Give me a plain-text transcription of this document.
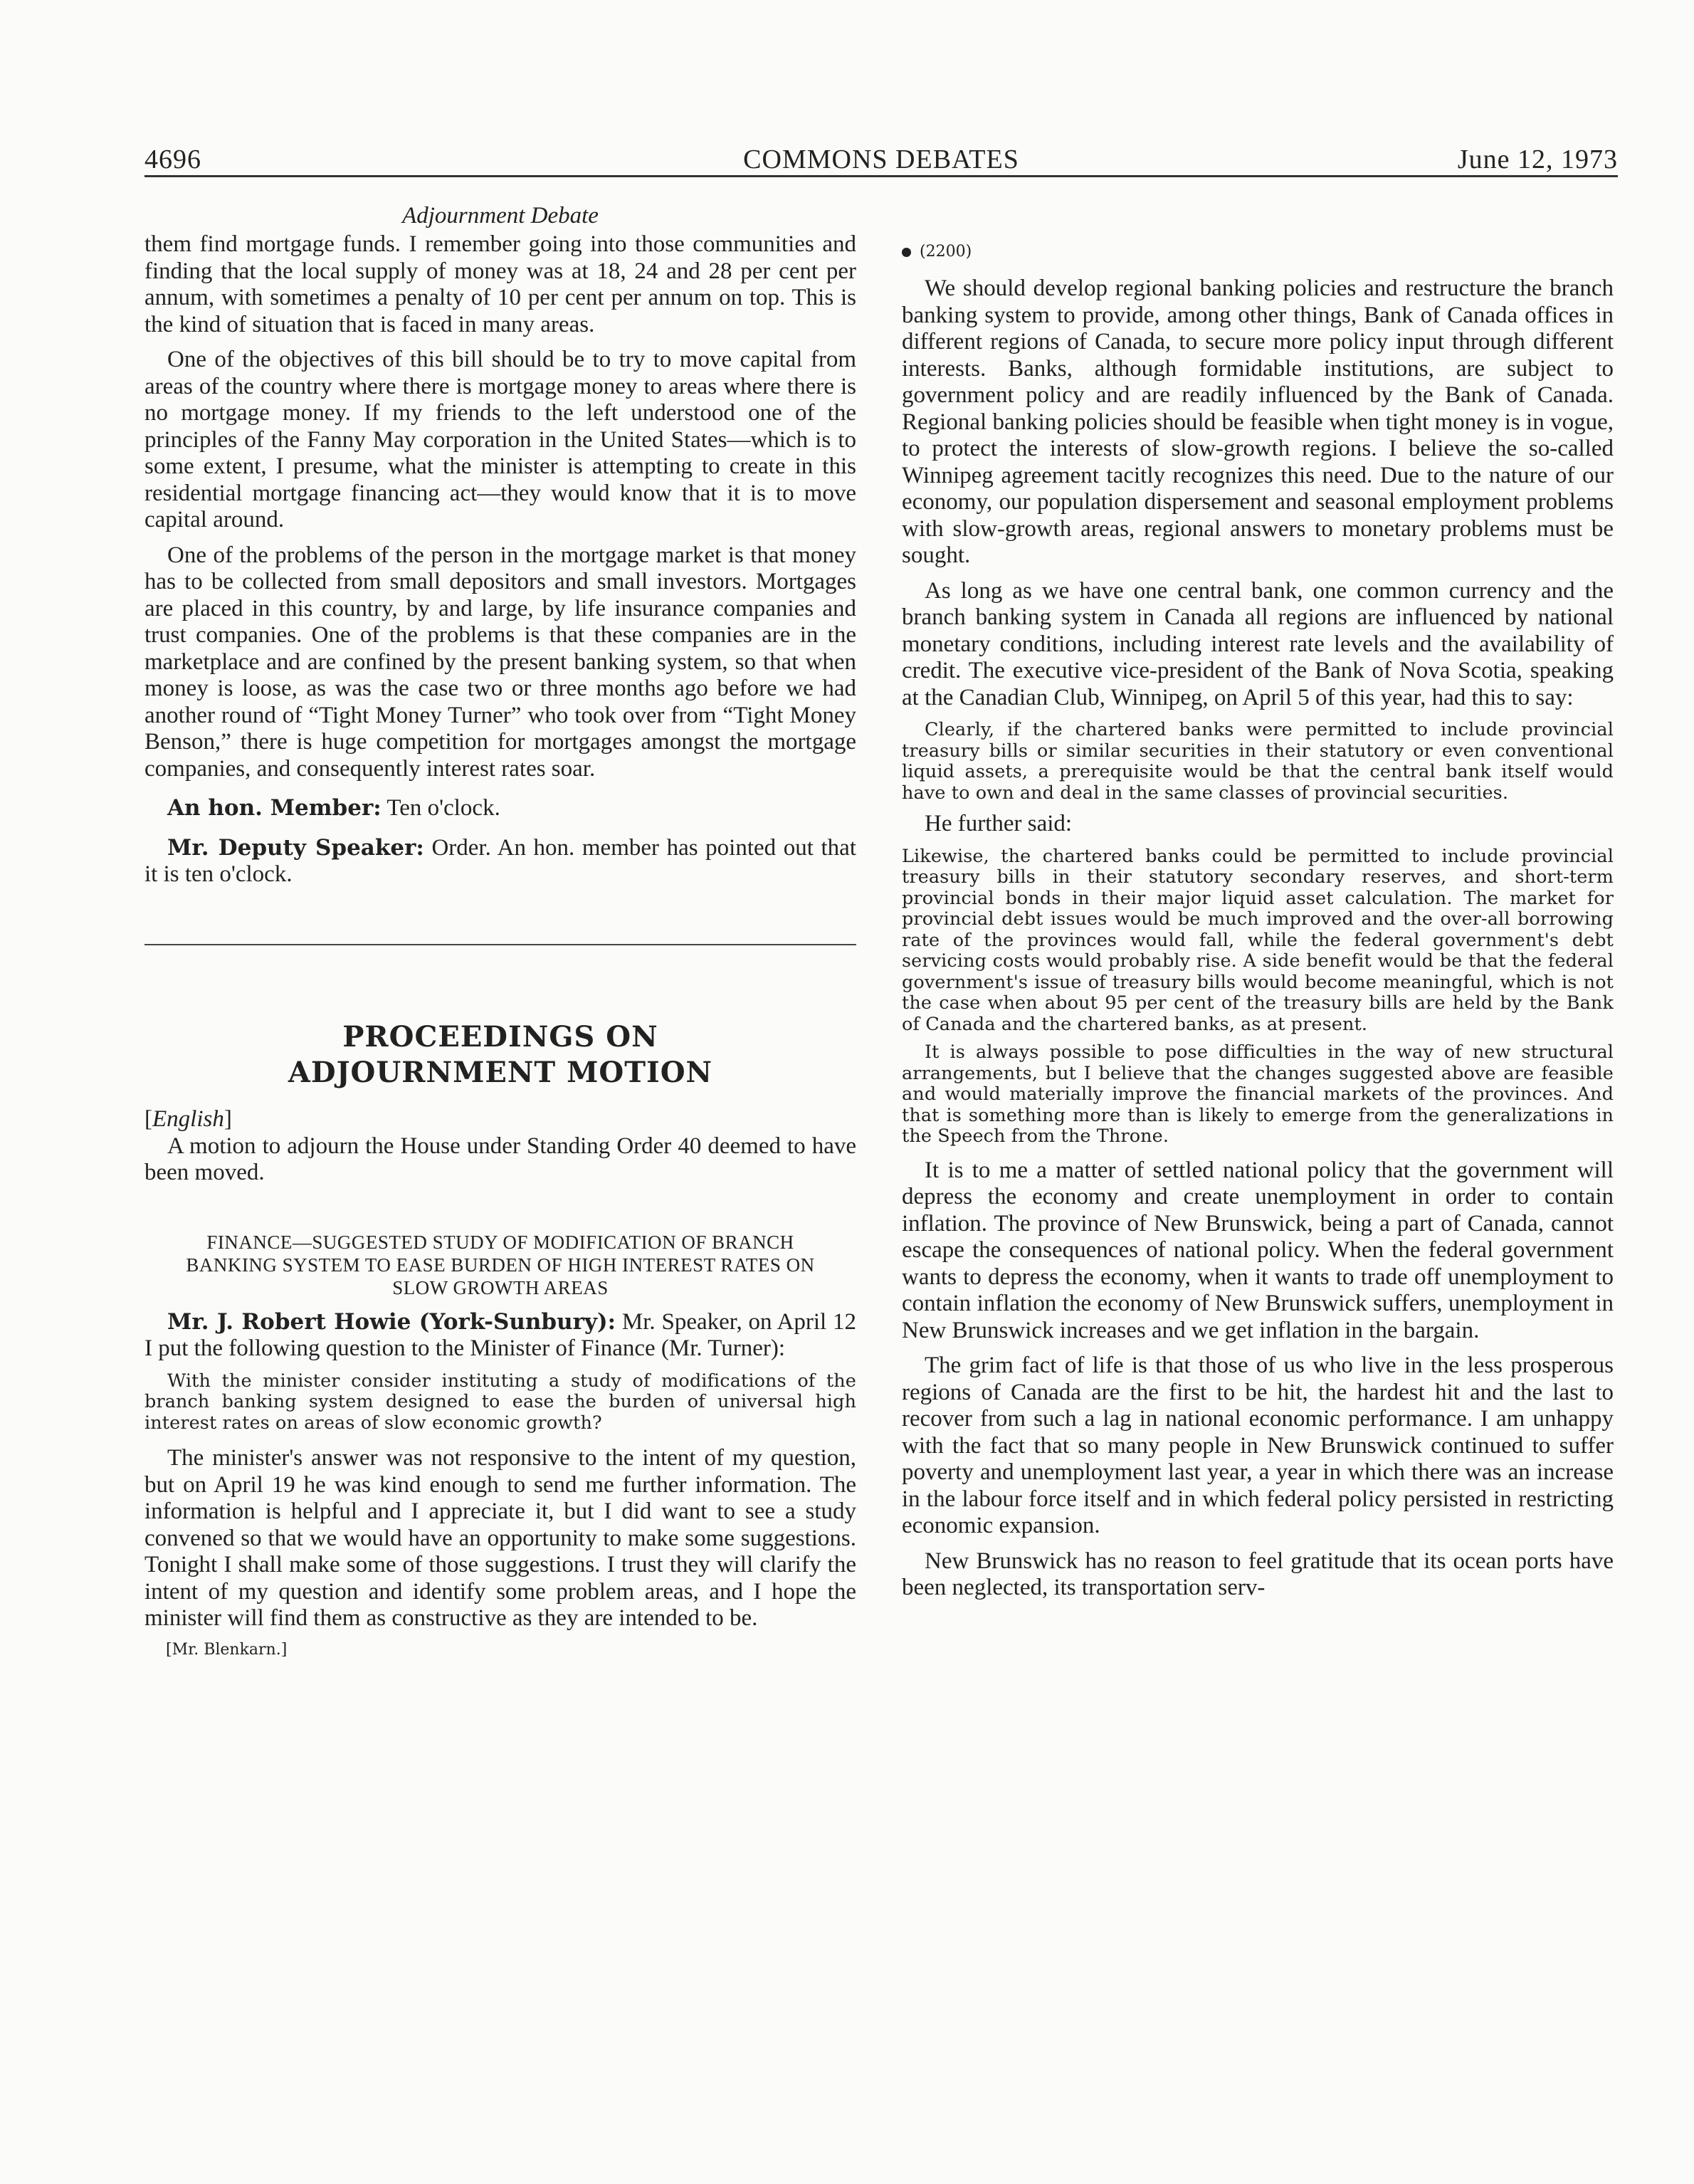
4696	COMMONS DEBATES	June 12, 1973

Adjournment Debate

them find mortgage funds. I remember going into those communities and finding that the local supply of money was at 18, 24 and 28 per cent per annum, with sometimes a penalty of 10 per cent per annum on top. This is the kind of situation that is faced in many areas.

One of the objectives of this bill should be to try to move capital from areas of the country where there is mortgage money to areas where there is no mortgage money. If my friends to the left understood one of the principles of the Fanny May corporation in the United States—which is to some extent, I presume, what the minister is attempting to create in this residential mortgage financing act—they would know that it is to move capital around.

One of the problems of the person in the mortgage market is that money has to be collected from small depositors and small investors. Mortgages are placed in this country, by and large, by life insurance companies and trust companies. One of the problems is that these companies are in the marketplace and are confined by the present banking system, so that when money is loose, as was the case two or three months ago before we had another round of “Tight Money Turner” who took over from “Tight Money Benson,” there is huge competition for mortgages amongst the mortgage companies, and consequently interest rates soar.

An hon. Member: Ten o'clock.

Mr. Deputy Speaker: Order. An hon. member has pointed out that it is ten o'clock.

PROCEEDINGS ON ADJOURNMENT MOTION

[English]

A motion to adjourn the House under Standing Order 40 deemed to have been moved.

FINANCE—SUGGESTED STUDY OF MODIFICATION OF BRANCH BANKING SYSTEM TO EASE BURDEN OF HIGH INTEREST RATES ON SLOW GROWTH AREAS

Mr. J. Robert Howie (York-Sunbury): Mr. Speaker, on April 12 I put the following question to the Minister of Finance (Mr. Turner):

With the minister consider instituting a study of modifications of the branch banking system designed to ease the burden of universal high interest rates on areas of slow economic growth?

The minister's answer was not responsive to the intent of my question, but on April 19 he was kind enough to send me further information. The information is helpful and I appreciate it, but I did want to see a study convened so that we would have an opportunity to make some suggestions. Tonight I shall make some of those suggestions. I trust they will clarify the intent of my question and identify some problem areas, and I hope the minister will find them as constructive as they are intended to be.

[Mr. Blenkarn.]

(2200)

We should develop regional banking policies and restructure the branch banking system to provide, among other things, Bank of Canada offices in different regions of Canada, to secure more policy input through different interests. Banks, although formidable institutions, are subject to government policy and are readily influenced by the Bank of Canada. Regional banking policies should be feasible when tight money is in vogue, to protect the interests of slow-growth regions. I believe the so-called Winnipeg agreement tacitly recognizes this need. Due to the nature of our economy, our population dispersement and seasonal employment problems with slow-growth areas, regional answers to monetary problems must be sought.

As long as we have one central bank, one common currency and the branch banking system in Canada all regions are influenced by national monetary conditions, including interest rate levels and the availability of credit. The executive vice-president of the Bank of Nova Scotia, speaking at the Canadian Club, Winnipeg, on April 5 of this year, had this to say:

Clearly, if the chartered banks were permitted to include provincial treasury bills or similar securities in their statutory or even conventional liquid assets, a prerequisite would be that the central bank itself would have to own and deal in the same classes of provincial securities.

He further said:

Likewise, the chartered banks could be permitted to include provincial treasury bills in their statutory secondary reserves, and short-term provincial bonds in their major liquid asset calculation. The market for provincial debt issues would be much improved and the over-all borrowing rate of the provinces would fall, while the federal government's debt servicing costs would probably rise. A side benefit would be that the federal government's issue of treasury bills would become meaningful, which is not the case when about 95 per cent of the treasury bills are held by the Bank of Canada and the chartered banks, as at present.

It is always possible to pose difficulties in the way of new structural arrangements, but I believe that the changes suggested above are feasible and would materially improve the financial markets of the provinces. And that is something more than is likely to emerge from the generalizations in the Speech from the Throne.

It is to me a matter of settled national policy that the government will depress the economy and create unemployment in order to contain inflation. The province of New Brunswick, being a part of Canada, cannot escape the consequences of national policy. When the federal government wants to depress the economy, when it wants to trade off unemployment to contain inflation the economy of New Brunswick suffers, unemployment in New Brunswick increases and we get inflation in the bargain.

The grim fact of life is that those of us who live in the less prosperous regions of Canada are the first to be hit, the hardest hit and the last to recover from such a lag in national economic performance. I am unhappy with the fact that so many people in New Brunswick continued to suffer poverty and unemployment last year, a year in which there was an increase in the labour force itself and in which federal policy persisted in restricting economic expansion.

New Brunswick has no reason to feel gratitude that its ocean ports have been neglected, its transportation serv-
